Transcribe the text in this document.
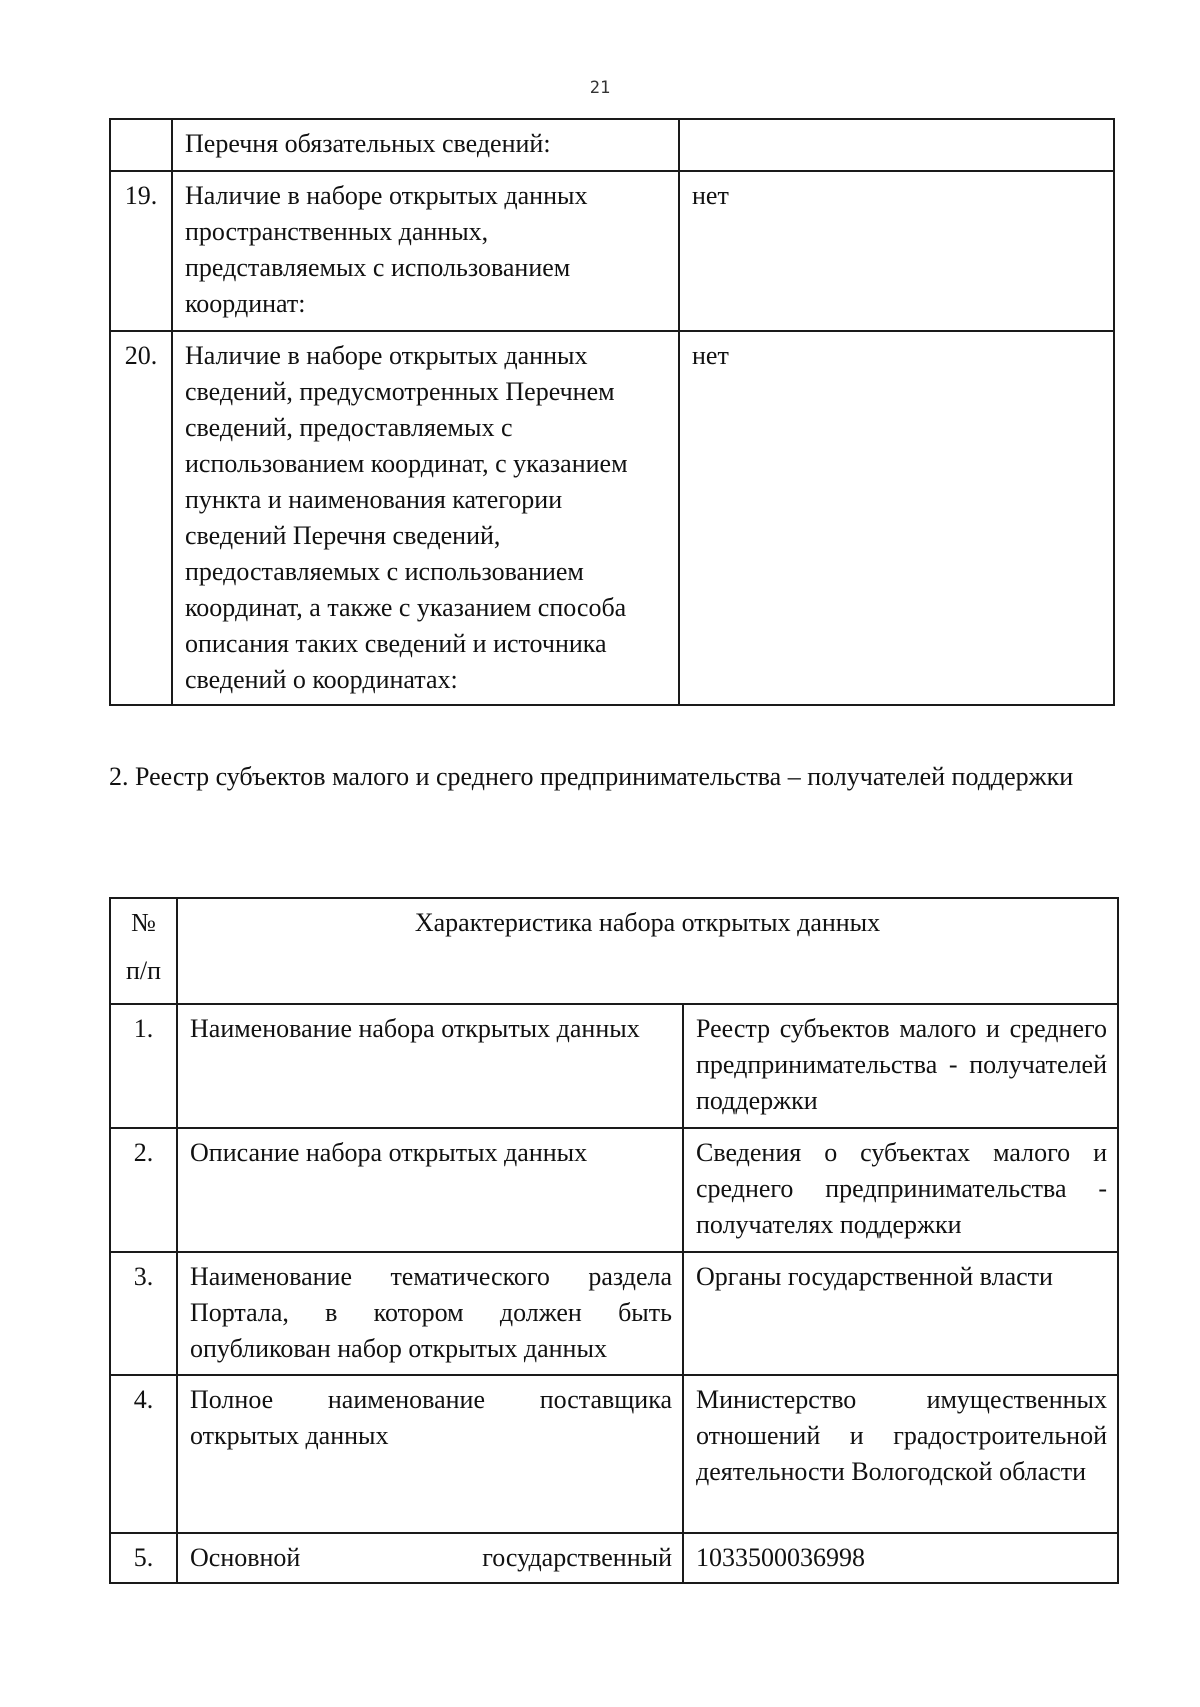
21
	Перечня обязательных сведений:	
19.	Наличие в наборе открытых данных пространственных данных, представляемых с использованием координат:	нет
20.	Наличие в наборе открытых данных сведений, предусмотренных Перечнем сведений, предоставляемых с использованием координат, с указанием пункта и наименования категории сведений Перечня сведений, предоставляемых с использованием координат, а также с указанием способа описания таких сведений и источника сведений о координатах:	нет
2. Реестр субъектов малого и среднего предпринимательства – получателей поддержки
№
п/п	Характеристика набора открытых данных	
1.	Наименование набора открытых данных	Реестр субъектов малого и среднего предпринимательства - получателей поддержки
2.	Описание набора открытых данных	Сведения о субъектах малого и среднего предпринимательства - получателях поддержки
3.	Наименование тематического раздела Портала, в котором должен быть опубликован набор открытых данных	Органы государственной власти
4.	Полное наименование поставщика открытых данных	Министерство имущественных отношений и градостроительной деятельности Вологодской области
5.	Основной государственный	1033500036998
